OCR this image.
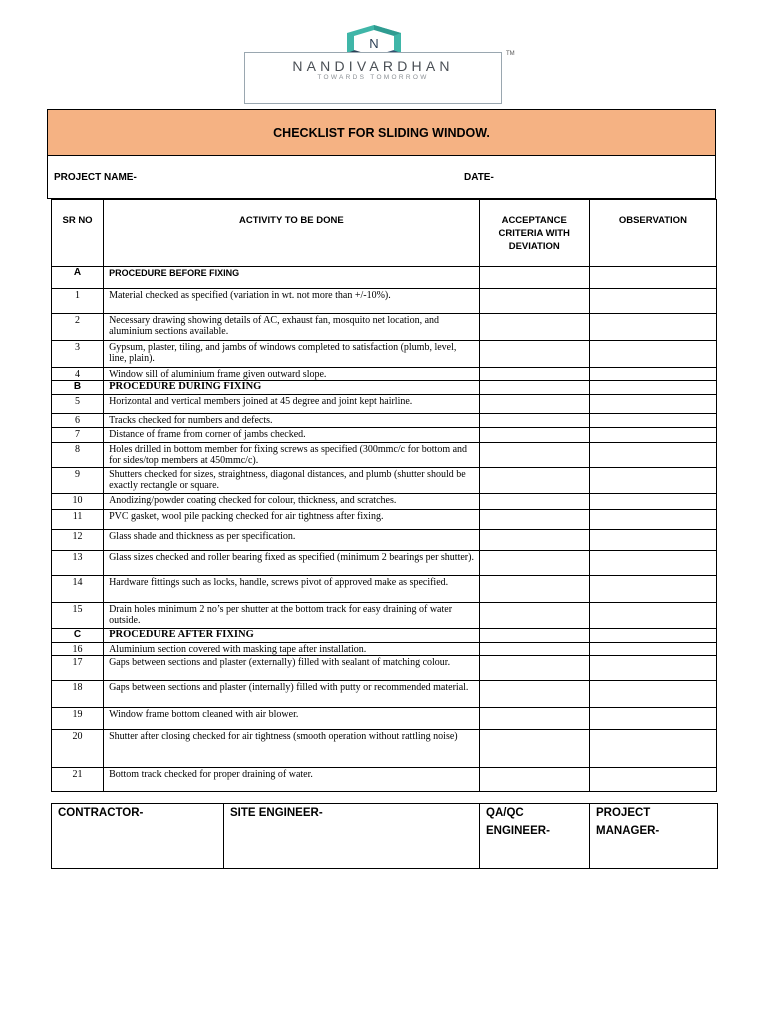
N
NANDIVARDHAN
TOWARDS TOMORROW
TM
CHECKLIST FOR SLIDING WINDOW.
PROJECT NAME-	DATE-
SR NO	ACTIVITY TO BE DONE	ACCEPTANCE CRITERIA WITH DEVIATION	OBSERVATION
A	PROCEDURE BEFORE FIXING		
1	Material checked as specified (variation in wt. not more than +/-10%).		
2	Necessary drawing showing details of AC, exhaust fan, mosquito net location, and aluminium sections available.		
3	Gypsum, plaster, tiling, and jambs of windows completed to satisfaction (plumb, level, line, plain).		
4	Window sill of aluminium frame given outward slope.		
B	PROCEDURE DURING FIXING		
5	Horizontal and vertical members joined at 45 degree and joint kept hairline.		
6	Tracks checked for numbers and defects.		
7	Distance of frame from corner of jambs checked.		
8	Holes drilled in bottom member for fixing screws as specified (300mmc/c for bottom and for sides/top members at 450mmc/c).		
9	Shutters checked for sizes, straightness, diagonal distances, and plumb (shutter should be exactly rectangle or square.		
10	Anodizing/powder coating checked for colour, thickness, and scratches.		
11	PVC gasket, wool pile packing checked for air tightness after fixing.		
12	Glass shade and thickness as per specification.		
13	Glass sizes checked and roller bearing fixed as specified (minimum 2 bearings per shutter).		
14	Hardware fittings such as locks, handle, screws pivot of approved make as specified.		
15	Drain holes minimum 2 no’s per shutter at the bottom track for easy draining of water outside.		
C	PROCEDURE AFTER FIXING		
16	Aluminium section covered with masking tape after installation.		
17	Gaps between sections and plaster (externally) filled with sealant of matching colour.		
18	Gaps between sections and plaster (internally) filled with putty or recommended material.		
19	Window frame bottom cleaned with air blower.		
20	Shutter after closing checked for air tightness (smooth operation without rattling noise)		
21	Bottom track checked for proper draining of water.		
CONTRACTOR-	SITE ENGINEER-	QA/QC ENGINEER-	PROJECT MANAGER-
